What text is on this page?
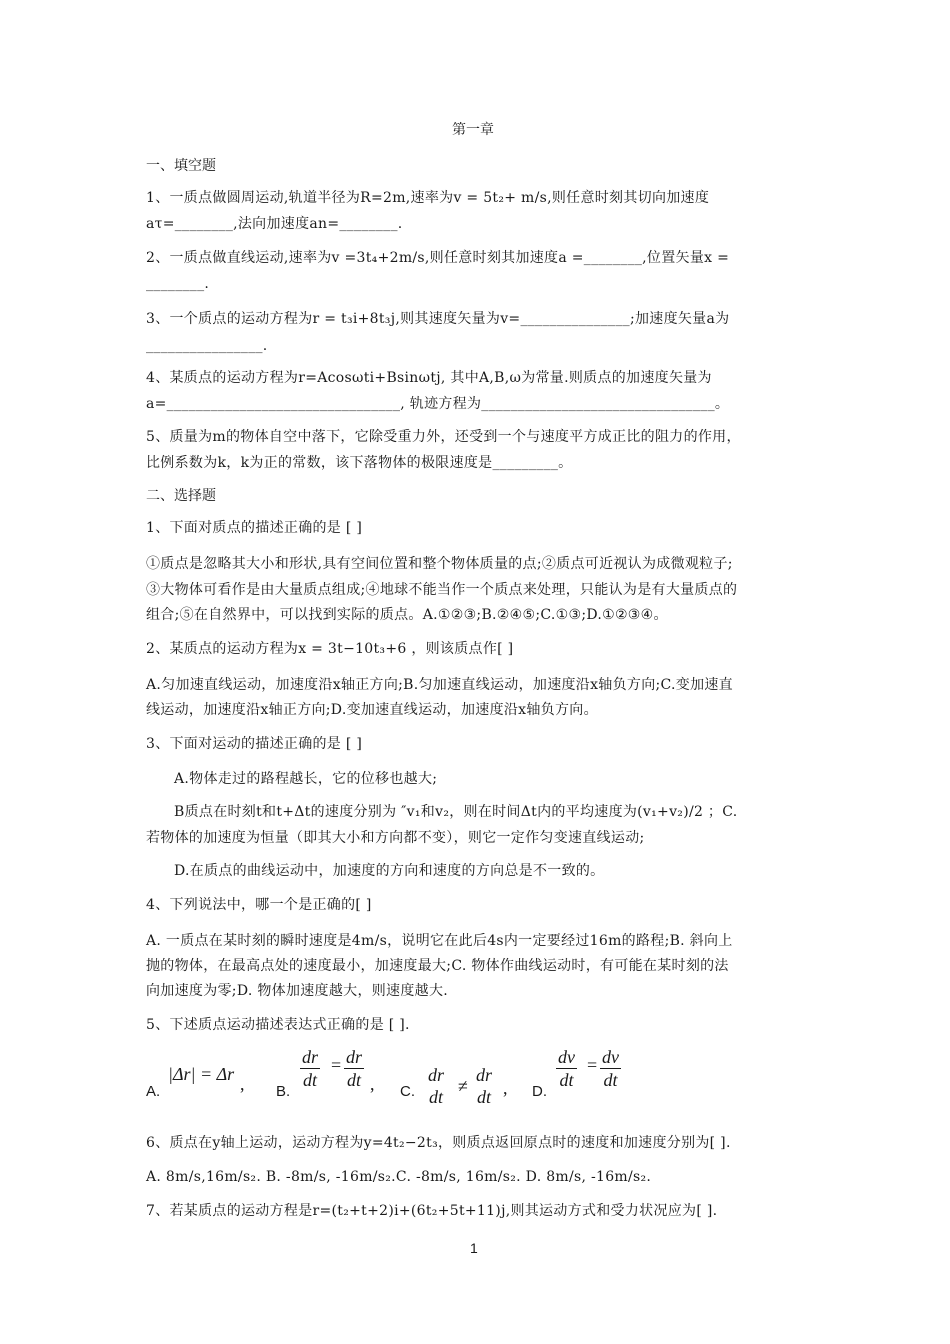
第一章
一、填空题
1、一质点做圆周运动,轨道半径为R=2m,速率为v = 5t₂+ m/s,则任意时刻其切向加速度
aτ=________,法向加速度an=________.
2、一质点做直线运动,速率为v =3t₄+2m/s,则任意时刻其加速度a =________,位置矢量x =
________.
3、一个质点的运动方程为r = t₃i+8t₃j,则其速度矢量为v=_______________;加速度矢量a为
________________.
4、某质点的运动方程为r=Acosωti+Bsinωtj, 其中A,B,ω为常量.则质点的加速度矢量为
a=________________________________, 轨迹方程为________________________________。
5、质量为m的物体自空中落下，它除受重力外，还受到一个与速度平方成正比的阻力的作用，
比例系数为k，k为正的常数，该下落物体的极限速度是_________。
二、选择题
1、下面对质点的描述正确的是 [ ]
①质点是忽略其大小和形状,具有空间位置和整个物体质量的点;②质点可近视认为成微观粒子;
③大物体可看作是由大量质点组成;④地球不能当作一个质点来处理，只能认为是有大量质点的
组合;⑤在自然界中，可以找到实际的质点。A.①②③;B.②④⑤;C.①③;D.①②③④。
2、某质点的运动方程为x = 3t−10t₃+6 ，则该质点作[ ]
A.匀加速直线运动，加速度沿x轴正方向;B.匀加速直线运动，加速度沿x轴负方向;C.变加速直
线运动，加速度沿x轴正方向;D.变加速直线运动，加速度沿x轴负方向。
3、下面对运动的描述正确的是 [ ]
A.物体走过的路程越长，它的位移也越大;
B质点在时刻t和t+Δt的速度分别为 ″v₁和v₂，则在时间Δt内的平均速度为(v₁+v₂)/2 ；C.
若物体的加速度为恒量（即其大小和方向都不变），则它一定作匀变速直线运动;
D.在质点的曲线运动中，加速度的方向和速度的方向总是不一致的。
4、下列说法中，哪一个是正确的[ ]
A. 一质点在某时刻的瞬时速度是4m/s，说明它在此后4s内一定要经过16m的路程;B. 斜向上
抛的物体，在最高点处的速度最小，加速度最大;C. 物体作曲线运动时，有可能在某时刻的法
向加速度为零;D. 物体加速度越大，则速度越大.
5、下述质点运动描述表达式正确的是 [ ].
A.
|Δr| = Δr , B.
dr
dt
= dr
dt , C.
dr
dt
≠
dr
dt , D.
dv
dt
= dv
dt
6、质点在y轴上运动，运动方程为y=4t₂−2t₃，则质点返回原点时的速度和加速度分别为[ ].
A. 8m/s,16m/s₂. B. -8m/s, -16m/s₂.C. -8m/s, 16m/s₂. D. 8m/s, -16m/s₂.
7、若某质点的运动方程是r=(t₂+t+2)i+(6t₂+5t+11)j,则其运动方式和受力状况应为[ ].
1
